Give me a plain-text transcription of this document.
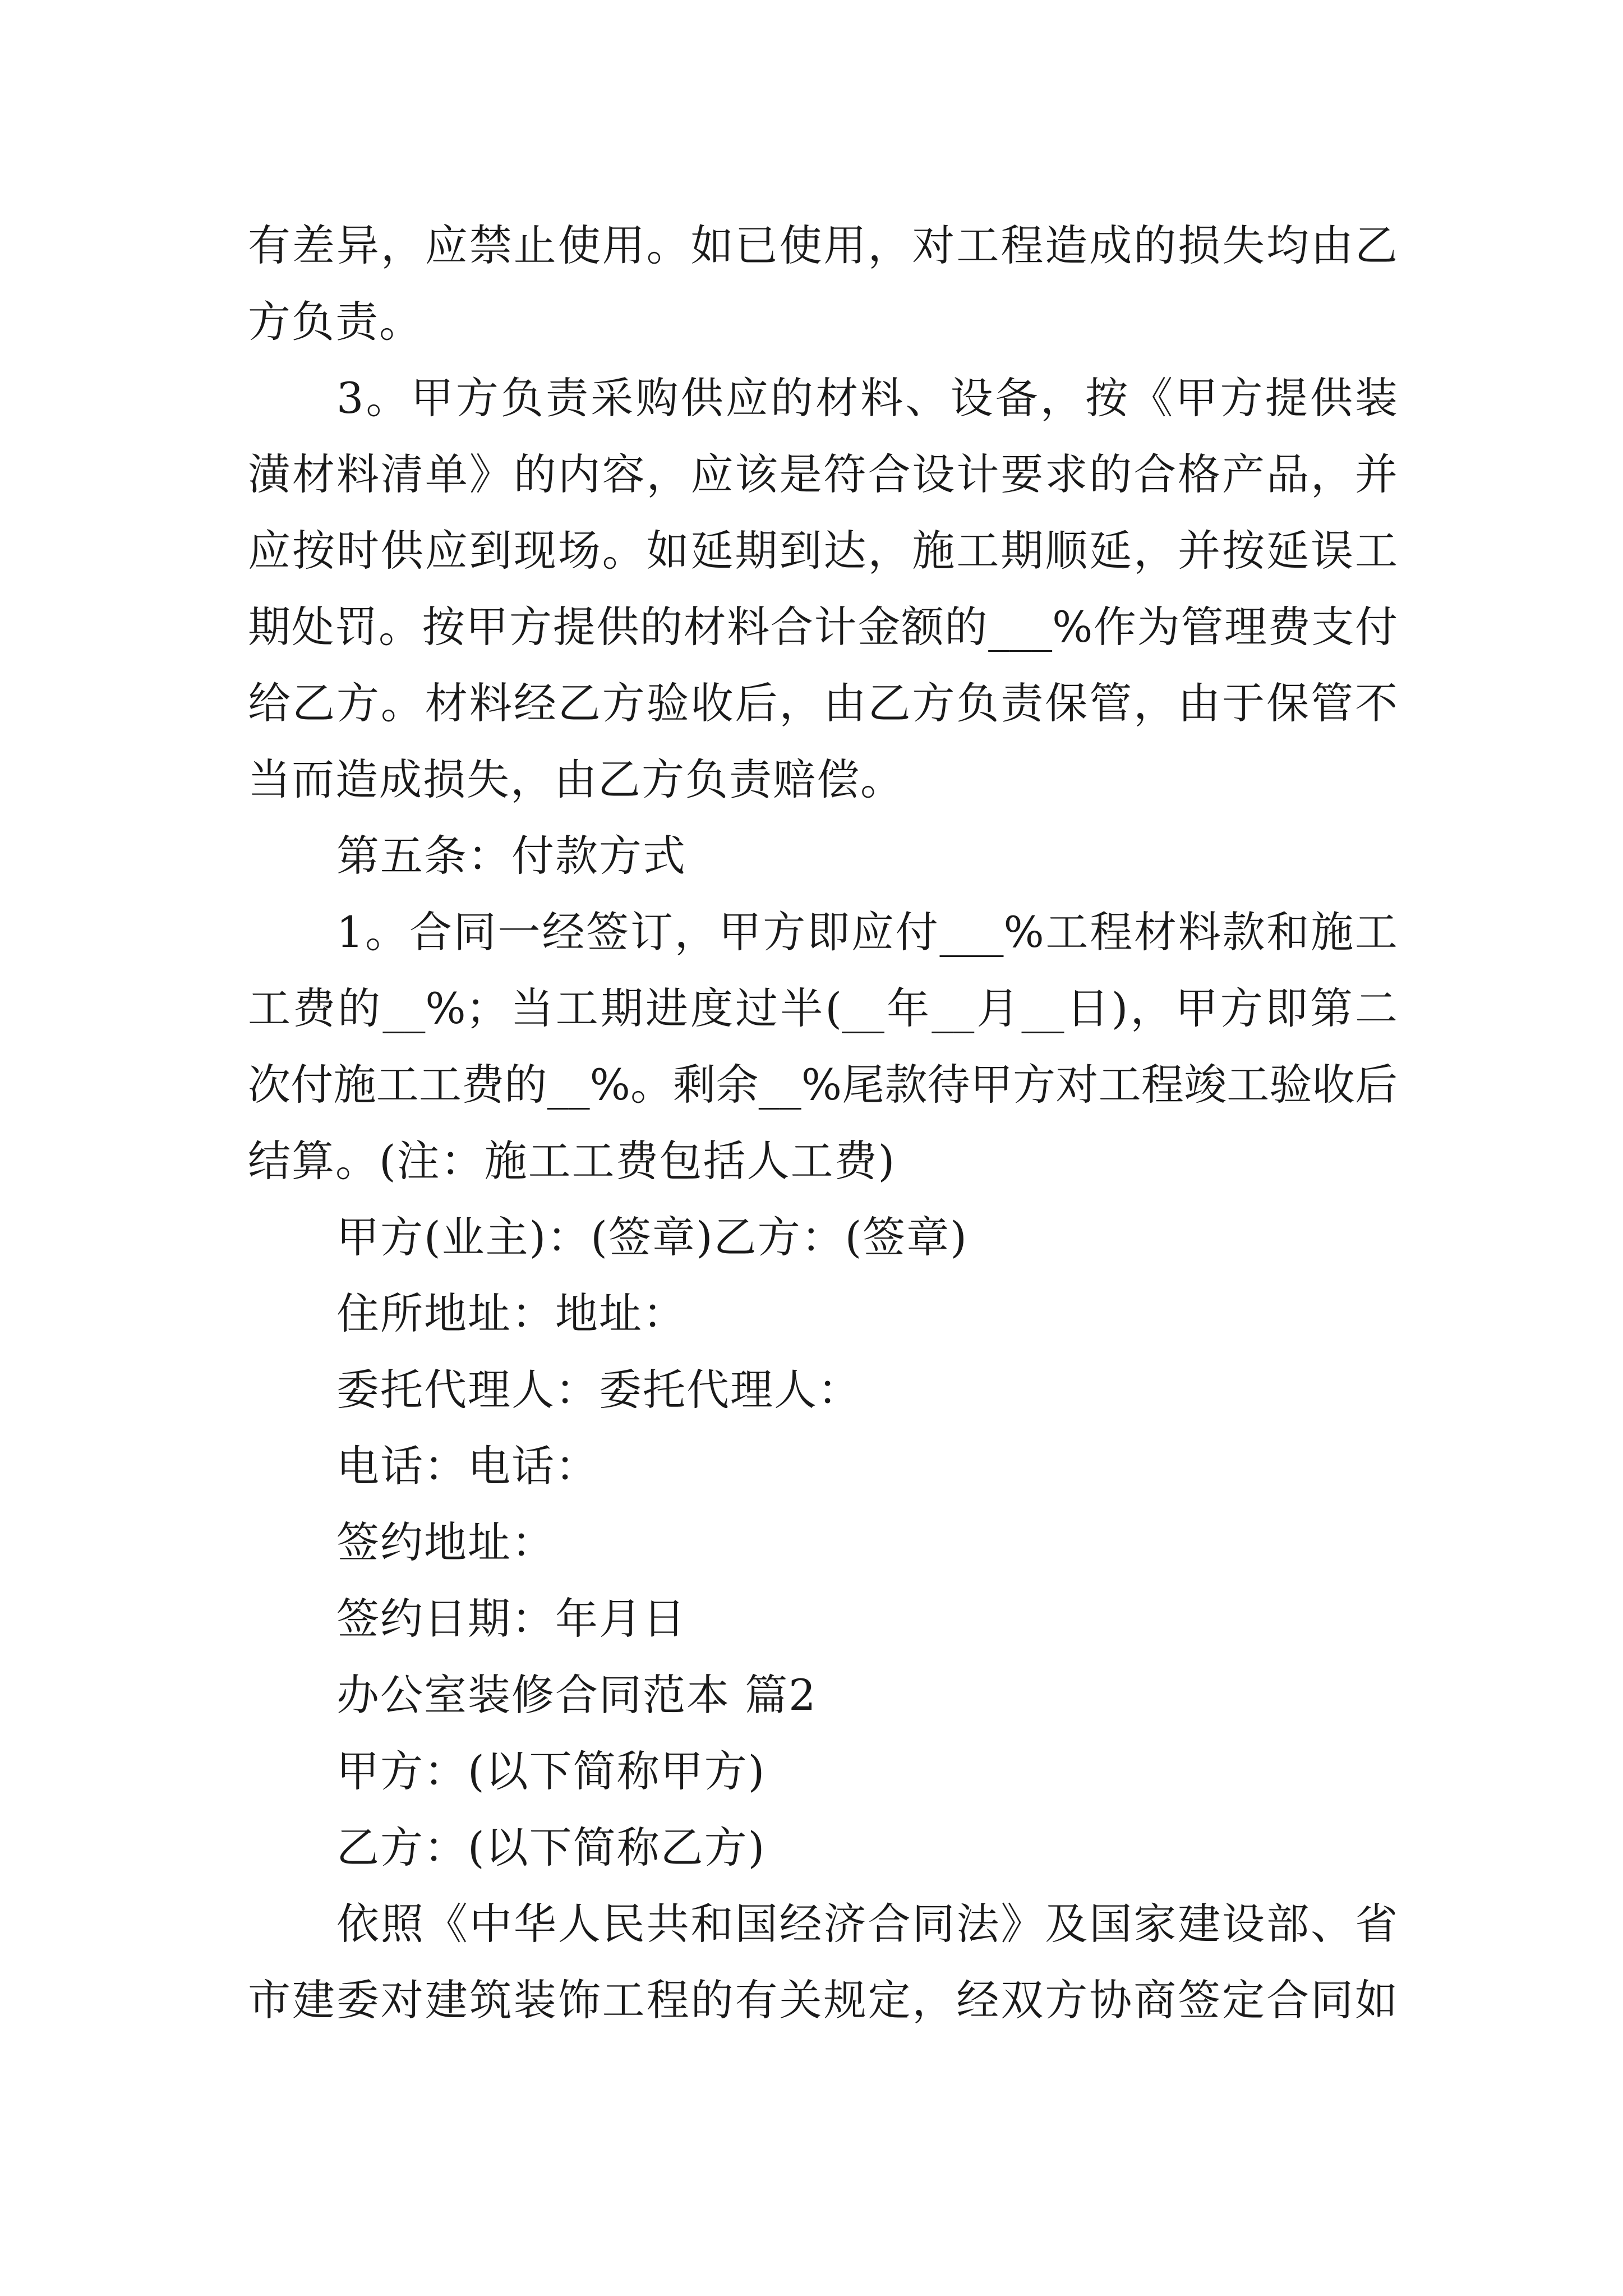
有差异，应禁止使用。如已使用，对工程造成的损失均由乙
方负责。
3。甲方负责采购供应的材料、设备，按《甲方提供装
潢材料清单》的内容，应该是符合设计要求的合格产品，并
应按时供应到现场。如延期到达，施工期顺延，并按延误工
期处罚。按甲方提供的材料合计金额的___%作为管理费支付
给乙方。材料经乙方验收后，由乙方负责保管，由于保管不
当而造成损失，由乙方负责赔偿。
第五条：付款方式
1。合同一经签订，甲方即应付___%工程材料款和施工
工费的__%；当工期进度过半(__年__月__日)，甲方即第二
次付施工工费的__%。剩余__%尾款待甲方对工程竣工验收后
结算。(注：施工工费包括人工费)
甲方(业主)：(签章)乙方：(签章)
住所地址：地址：
委托代理人：委托代理人：
电话：电话：
签约地址：
签约日期：年月日
办公室装修合同范本 篇2
甲方：(以下简称甲方)
乙方：(以下简称乙方)
依照《中华人民共和国经济合同法》及国家建设部、省
市建委对建筑装饰工程的有关规定，经双方协商签定合同如
